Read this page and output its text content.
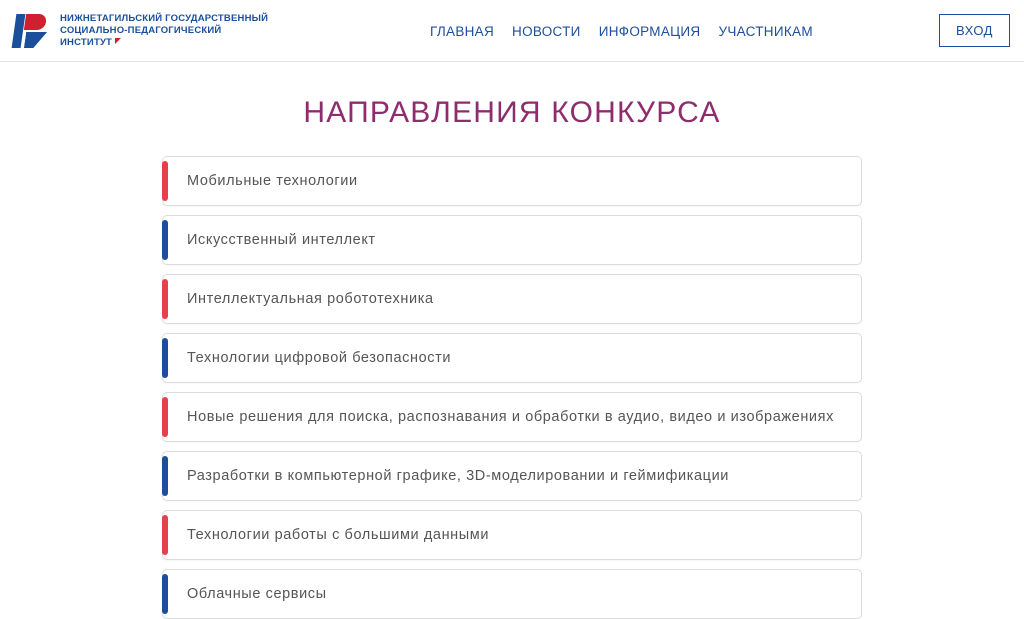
НИЖНЕТАГИЛЬСКИЙ ГОСУДАРСТВЕННЫЙ
СОЦИАЛЬНО-ПЕДАГОГИЧЕСКИЙ
ИНСТИТУТ
ГЛАВНАЯ НОВОСТИ ИНФОРМАЦИЯ УЧАСТНИКАМ	ВХОД
НАПРАВЛЕНИЯ КОНКУРСА
Мобильные технологии
Искусственный интеллект
Интеллектуальная робототехника
Технологии цифровой безопасности
Новые решения для поиска, распознавания и обработки в аудио, видео и изображениях
Разработки в компьютерной графике, 3D-моделировании и геймификации
Технологии работы с большими данными
Облачные сервисы
